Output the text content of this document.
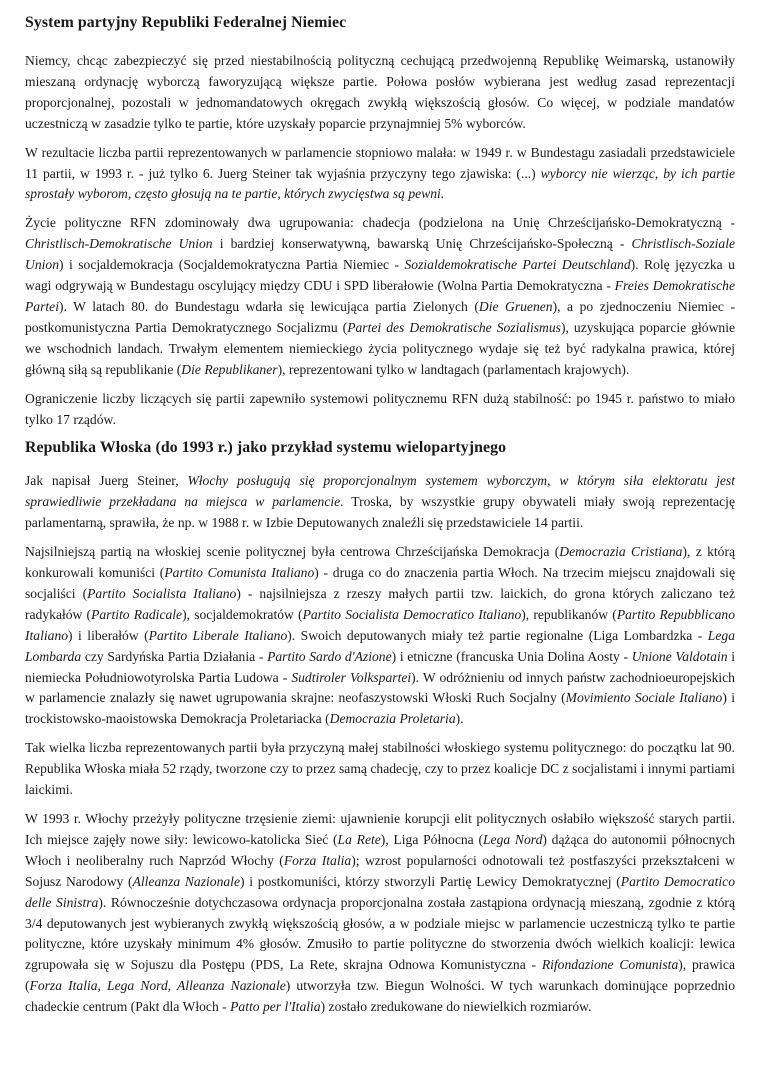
System partyjny Republiki Federalnej Niemiec

Niemcy, chcąc zabezpieczyć się przed niestabilnością polityczną cechującą przedwojenną Republikę Weimarską, ustanowiły mieszaną ordynację wyborczą faworyzującą większe partie. Połowa posłów wybierana jest według zasad reprezentacji proporcjonalnej, pozostali w jednomandatowych okręgach zwykłą większością głosów. Co więcej, w podziale mandatów uczestniczą w zasadzie tylko te partie, które uzyskały poparcie przynajmniej 5% wyborców.

W rezultacie liczba partii reprezentowanych w parlamencie stopniowo malała: w 1949 r. w Bundestagu zasiadali przedstawiciele 11 partii, w 1993 r. - już tylko 6. Juerg Steiner tak wyjaśnia przyczyny tego zjawiska: (...) wyborcy nie wierząc, by ich partie sprostały wyborom, często głosują na te partie, których zwycięstwa są pewni.

Życie polityczne RFN zdominowały dwa ugrupowania: chadecja (podzielona na Unię Chrześcijańsko-Demokratyczną - Christlisch-Demokratische Union i bardziej konserwatywną, bawarską Unię Chrześcijańsko-Społeczną - Christlisch-Soziale Union) i socjaldemokracja (Socjaldemokratyczna Partia Niemiec - Sozialdemokratische Partei Deutschland). Rolę języczka u wagi odgrywają w Bundestagu oscylujący między CDU i SPD liberałowie (Wolna Partia Demokratyczna - Freies Demokratische Partei). W latach 80. do Bundestagu wdarła się lewicująca partia Zielonych (Die Gruenen), a po zjednoczeniu Niemiec - postkomunistyczna Partia Demokratycznego Socjalizmu (Partei des Demokratische Sozialismus), uzyskująca poparcie głównie we wschodnich landach. Trwałym elementem niemieckiego życia politycznego wydaje się też być radykalna prawica, której główną siłą są republikanie (Die Republikaner), reprezentowani tylko w landtagach (parlamentach krajowych).

Ograniczenie liczby liczących się partii zapewniło systemowi politycznemu RFN dużą stabilność: po 1945 r. państwo to miało tylko 17 rządów.

Republika Włoska (do 1993 r.) jako przykład systemu wielopartyjnego

Jak napisał Juerg Steiner, Włochy posługują się proporcjonalnym systemem wyborczym, w którym siła elektoratu jest sprawiedliwie przekładana na miejsca w parlamencie. Troska, by wszystkie grupy obywateli miały swoją reprezentację parlamentarną, sprawiła, że np. w 1988 r. w Izbie Deputowanych znaleźli się przedstawiciele 14 partii.

Najsilniejszą partią na włoskiej scenie politycznej była centrowa Chrześcijańska Demokracja (Democrazia Cristiana), z którą konkurowali komuniści (Partito Comunista Italiano) - druga co do znaczenia partia Włoch. Na trzecim miejscu znajdowali się socjaliści (Partito Socialista Italiano) - najsilniejsza z rzeszy małych partii tzw. laickich, do grona których zaliczano też radykałów (Partito Radicale), socjaldemokratów (Partito Socialista Democratico Italiano), republikanów (Partito Repubblicano Italiano) i liberałów (Partito Liberale Italiano). Swoich deputowanych miały też partie regionalne (Liga Lombardzka - Lega Lombarda czy Sardyńska Partia Działania - Partito Sardo d'Azione) i etniczne (francuska Unia Dolina Aosty - Unione Valdotain i niemiecka Południowotyrolska Partia Ludowa - Sudtiroler Volkspartei). W odróżnieniu od innych państw zachodnioeuropejskich w parlamencie znalazły się nawet ugrupowania skrajne: neofaszystowski Włoski Ruch Socjalny (Movimiento Sociale Italiano) i trockistowsko-maoistowska Demokracja Proletariacka (Democrazia Proletaria).

Tak wielka liczba reprezentowanych partii była przyczyną małej stabilności włoskiego systemu politycznego: do początku lat 90. Republika Włoska miała 52 rządy, tworzone czy to przez samą chadecję, czy to przez koalicje DC z socjalistami i innymi partiami laickimi.

W 1993 r. Włochy przeżyły polityczne trzęsienie ziemi: ujawnienie korupcji elit politycznych osłabiło większość starych partii. Ich miejsce zajęły nowe siły: lewicowo-katolicka Sieć (La Rete), Liga Północna (Lega Nord) dążąca do autonomii północnych Włoch i neoliberalny ruch Naprzód Włochy (Forza Italia); wzrost popularności odnotowali też postfaszyści przekształceni w Sojusz Narodowy (Alleanza Nazionale) i postkomuniści, którzy stworzyli Partię Lewicy Demokratycznej (Partito Democratico delle Sinistra). Równocześnie dotychczasowa ordynacja proporcjonalna została zastąpiona ordynacją mieszaną, zgodnie z którą 3/4 deputowanych jest wybieranych zwykłą większością głosów, a w podziale miejsc w parlamencie uczestniczą tylko te partie polityczne, które uzyskały minimum 4% głosów. Zmusiło to partie polityczne do stworzenia dwóch wielkich koalicji: lewica zgrupowała się w Sojuszu dla Postępu (PDS, La Rete, skrajna Odnowa Komunistyczna - Rifondazione Comunista), prawica (Forza Italia, Lega Nord, Alleanza Nazionale) utworzyła tzw. Biegun Wolności. W tych warunkach dominujące poprzednio chadeckie centrum (Pakt dla Włoch - Patto per l'Italia) zostało zredukowane do niewielkich rozmiarów.
